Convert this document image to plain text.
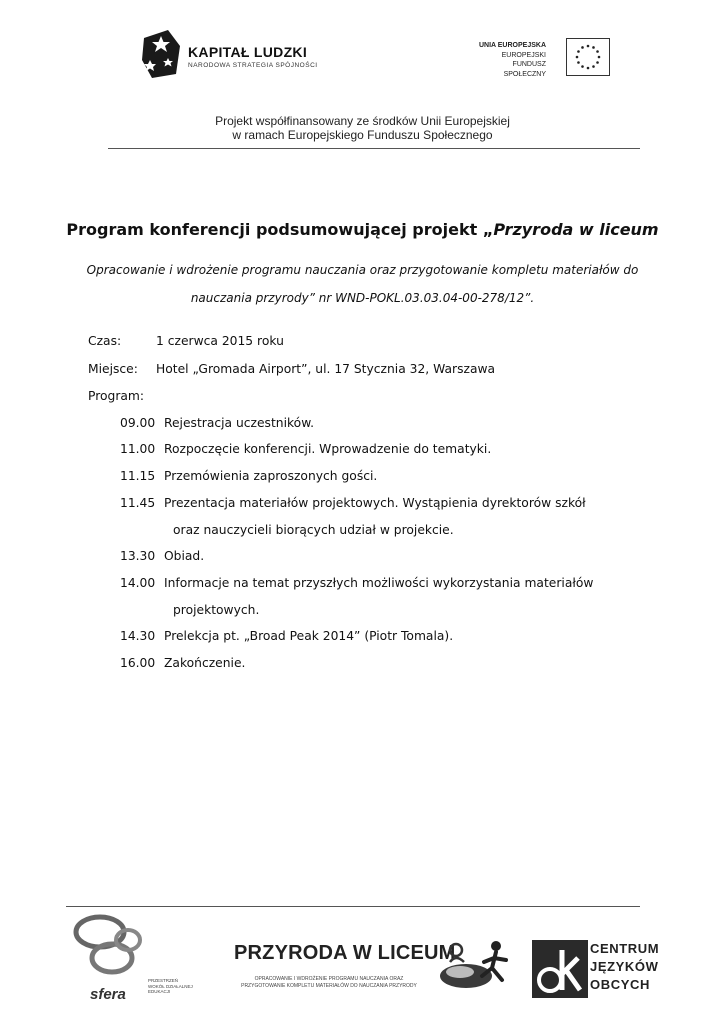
KAPITAŁ LUDZKI
NARODOWA STRATEGIA SPÓJNOŚCI
UNIA EUROPEJSKA
EUROPEJSKI
FUNDUSZ SPOŁECZNY
Projekt współfinansowany ze środków Unii Europejskiej
w ramach Europejskiego Funduszu Społecznego
Program konferencji podsumowującej projekt „Przyroda w liceum
Opracowanie i wdrożenie programu nauczania oraz przygotowanie kompletu materiałów do
nauczania przyrody” nr WND-POKL.03.03.04-00-278/12”.
Czas:	1 czerwca 2015 roku
Miejsce: Hotel „Gromada Airport”, ul. 17 Stycznia 32, Warszawa
Program:
09.00 Rejestracja uczestników.
11.00 Rozpoczęcie konferencji. Wprowadzenie do tematyki.
11.15 Przemówienia zaproszonych gości.
11.45 Prezentacja materiałów projektowych. Wystąpienia dyrektorów szkół
oraz nauczycieli biorących udział w projekcie.
13.30 Obiad.
14.00 Informacje na temat przyszłych możliwości wykorzystania materiałów
projektowych.
14.30 Prelekcja pt. „Broad Peak 2014” (Piotr Tomala).
16.00 Zakończenie.
sfera
PRZESTRZEŃ
WOKÓŁ DZIAŁALNEJ
EDUKACJI
PRZYRODA W LICEUM
OPRACOWANIE I WDROŻENIE PROGRAMU NAUCZANIA ORAZ
PRZYGOTOWANIE KOMPLETU MATERIAŁÓW DO NAUCZANIA PRZYRODY
CENTRUM
JĘZYKÓW
OBCYCH
